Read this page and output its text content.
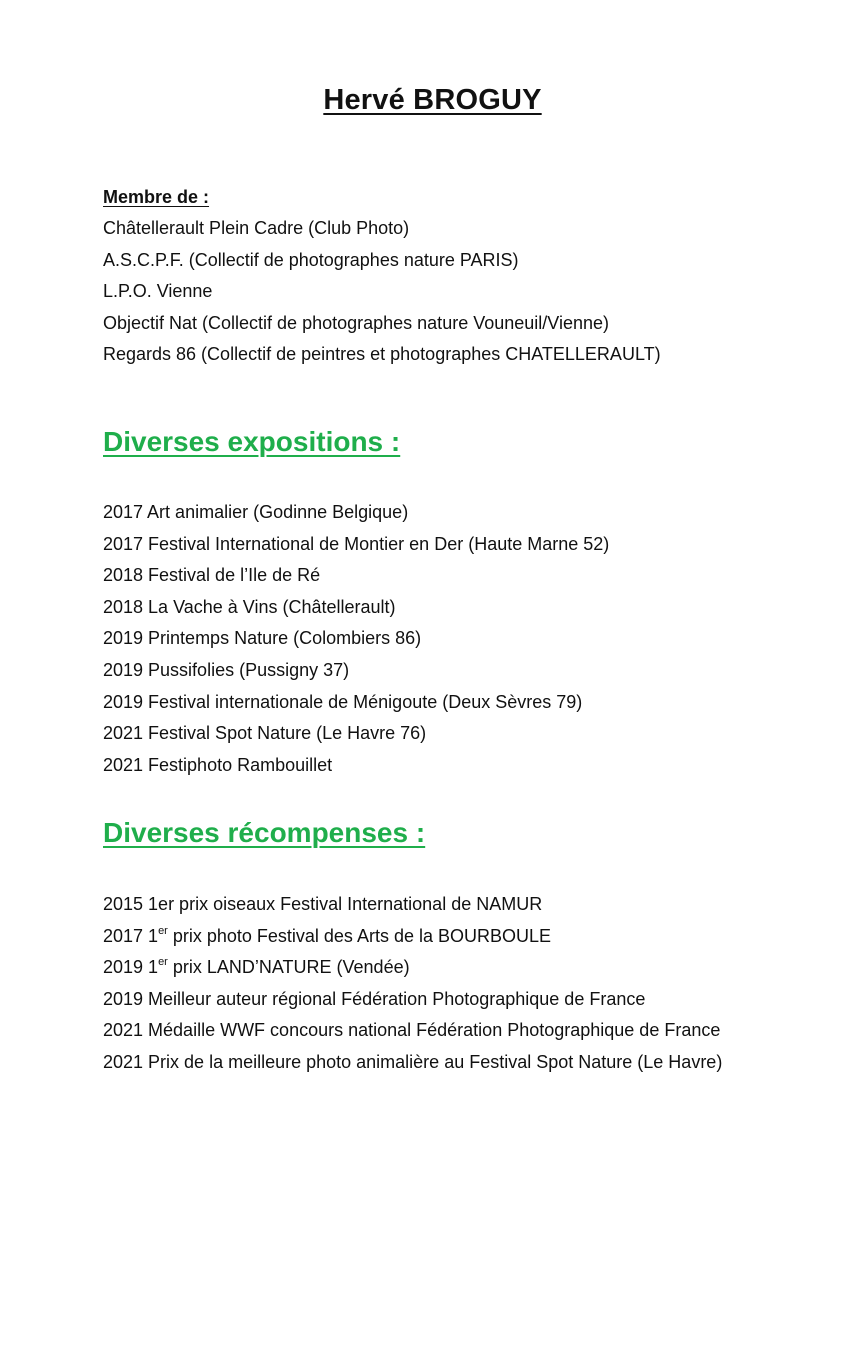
Hervé BROGUY
Membre de :
Châtellerault Plein Cadre (Club Photo)
A.S.C.P.F. (Collectif de photographes nature PARIS)
L.P.O. Vienne
Objectif Nat (Collectif de photographes nature Vouneuil/Vienne)
Regards 86 (Collectif de peintres et photographes CHATELLERAULT)
Diverses expositions :
2017 Art animalier (Godinne Belgique)
2017 Festival International de Montier en Der (Haute Marne 52)
2018 Festival de l’Ile de Ré
2018 La Vache à Vins (Châtellerault)
2019 Printemps Nature (Colombiers 86)
2019 Pussifolies (Pussigny 37)
2019 Festival internationale de Ménigoute (Deux Sèvres 79)
2021 Festival Spot Nature (Le Havre 76)
2021 Festiphoto Rambouillet
Diverses récompenses :
2015 1er prix oiseaux Festival International de NAMUR
2017 1er prix photo Festival des Arts de la BOURBOULE
2019 1er prix LAND’NATURE (Vendée)
2019 Meilleur auteur régional Fédération Photographique de France
2021 Médaille WWF concours national Fédération Photographique de France
2021 Prix de la meilleure photo animalière au Festival Spot Nature (Le Havre)
